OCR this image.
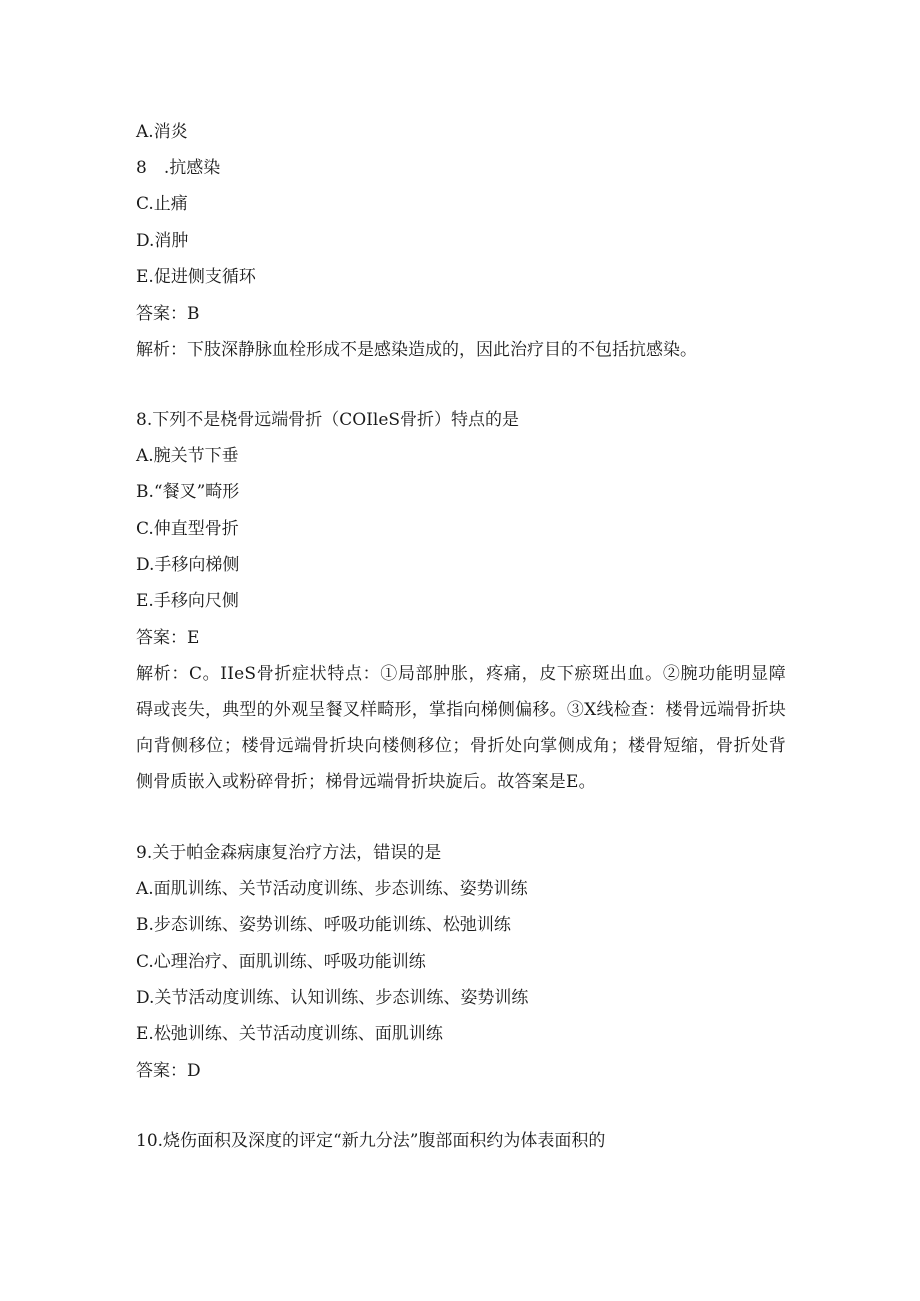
A.消炎
8　.抗感染
C.止痛
D.消肿
E.促进侧支循环
答案：B
解析：下肢深静脉血栓形成不是感染造成的，因此治疗目的不包括抗感染。
8.下列不是桡骨远端骨折（COIleS骨折）特点的是
A.腕关节下垂
B.“餐叉”畸形
C.伸直型骨折
D.手移向梯侧
E.手移向尺侧
答案：E
解析：C。IIeS骨折症状特点：①局部肿胀，疼痛，皮下瘀斑出血。②腕功能明显障碍或丧失，典型的外观呈餐叉样畸形，掌指向梯侧偏移。③X线检查：楼骨远端骨折块向背侧移位；楼骨远端骨折块向楼侧移位；骨折处向掌侧成角；楼骨短缩，骨折处背侧骨质嵌入或粉碎骨折；梯骨远端骨折块旋后。故答案是E。
9.关于帕金森病康复治疗方法，错误的是
A.面肌训练、关节活动度训练、步态训练、姿势训练
B.步态训练、姿势训练、呼吸功能训练、松弛训练
C.心理治疗、面肌训练、呼吸功能训练
D.关节活动度训练、认知训练、步态训练、姿势训练
E.松弛训练、关节活动度训练、面肌训练
答案：D
10.烧伤面积及深度的评定“新九分法”腹部面积约为体表面积的
